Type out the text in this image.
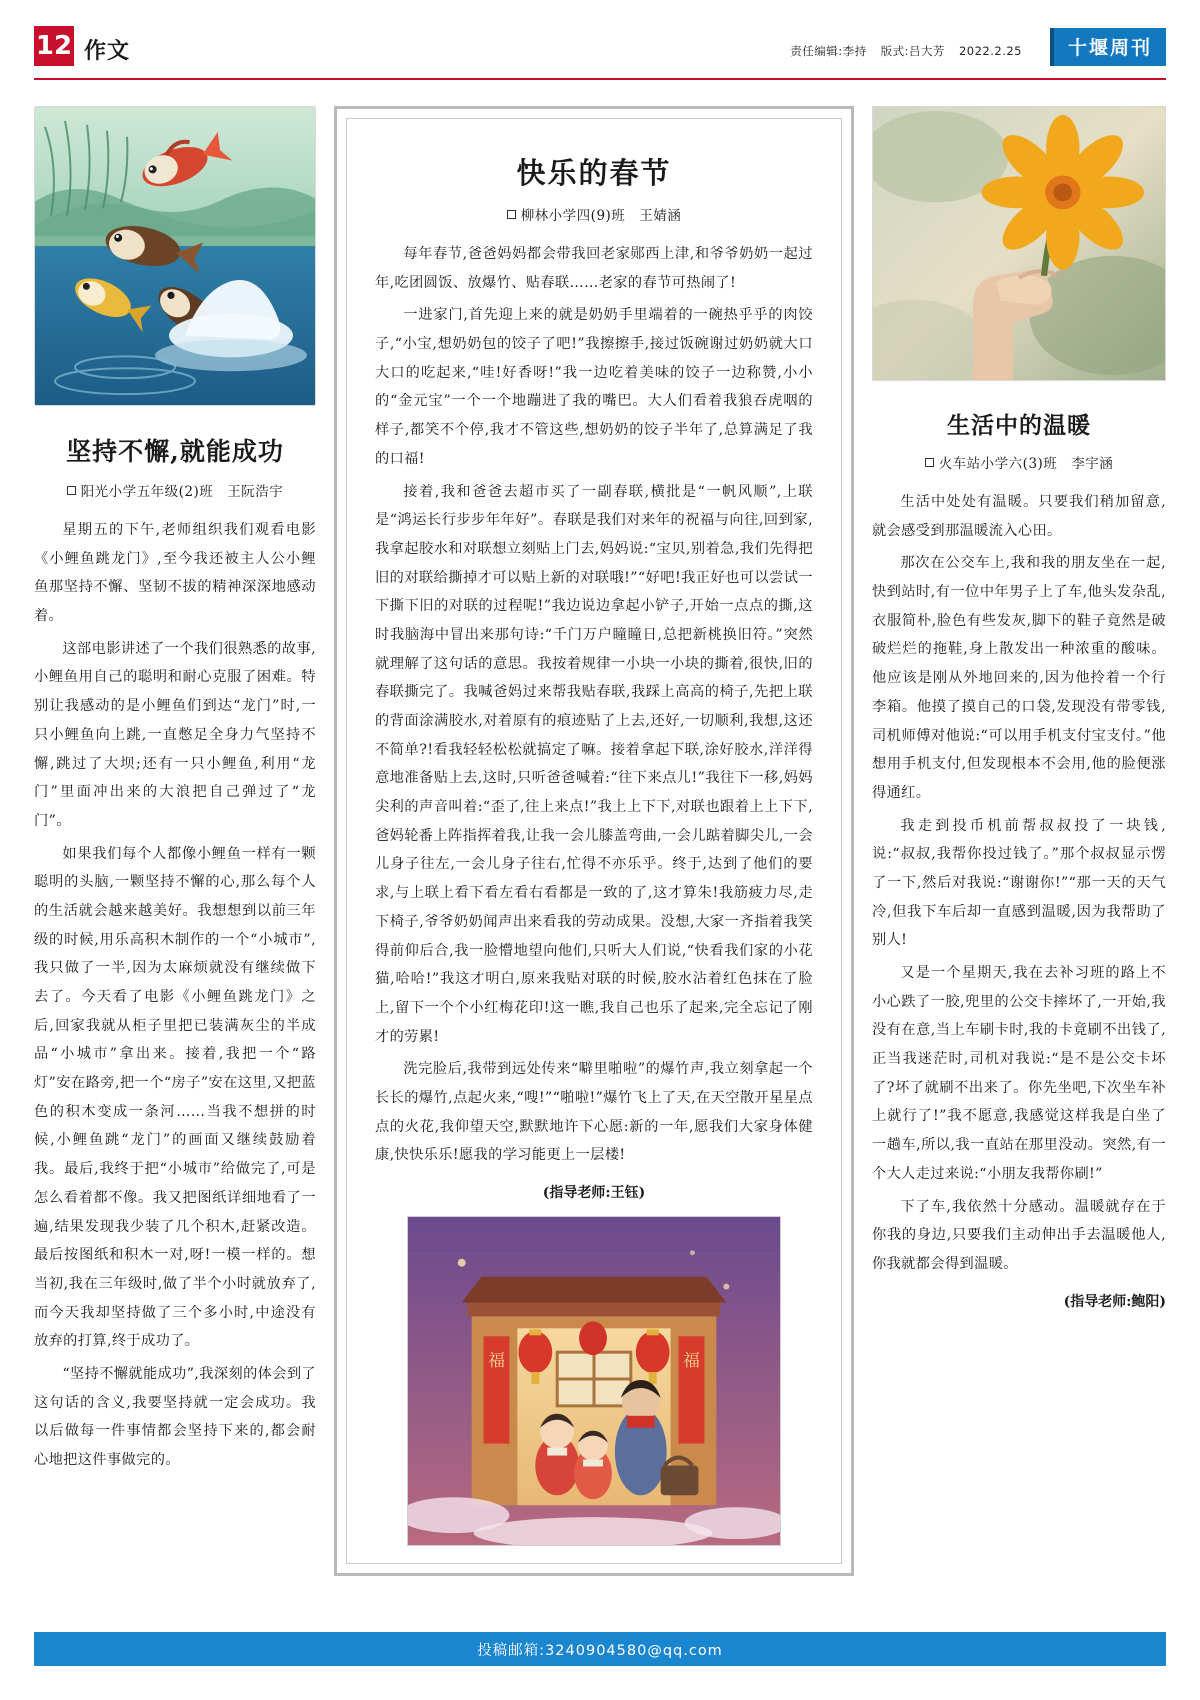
12 作文	责任编辑:李持 版式:吕大芳 2022.2.25	十堰周刊
坚持不懈,就能成功
阳光小学五年级(2)班　王阮浩宇

星期五的下午,老师组织我们观看电影《小鲤鱼跳龙门》,至今我还被主人公小鲤鱼那坚持不懈、坚韧不拔的精神深深地感动着。

这部电影讲述了一个我们很熟悉的故事,小鲤鱼用自己的聪明和耐心克服了困难。特别让我感动的是小鲤鱼们到达“龙门”时,一只小鲤鱼向上跳,一直憋足全身力气坚持不懈,跳过了大坝;还有一只小鲤鱼,利用“龙门”里面冲出来的大浪把自己弹过了“龙门”。

如果我们每个人都像小鲤鱼一样有一颗聪明的头脑,一颗坚持不懈的心,那么每个人的生活就会越来越美好。我想想到以前三年级的时候,用乐高积木制作的一个“小城市”,我只做了一半,因为太麻烦就没有继续做下去了。今天看了电影《小鲤鱼跳龙门》之后,回家我就从柜子里把已装满灰尘的半成品“小城市”拿出来。接着,我把一个“路灯”安在路旁,把一个“房子”安在这里,又把蓝色的积木变成一条河……当我不想拼的时候,小鲤鱼跳“龙门”的画面又继续鼓励着我。最后,我终于把“小城市”给做完了,可是怎么看着都不像。我又把图纸详细地看了一遍,结果发现我少装了几个积木,赶紧改造。最后按图纸和积木一对,呀!一模一样的。想当初,我在三年级时,做了半个小时就放弃了,而今天我却坚持做了三个多小时,中途没有放弃的打算,终于成功了。

“坚持不懈就能成功”,我深刻的体会到了这句话的含义,我要坚持就一定会成功。我以后做每一件事情都会坚持下来的,都会耐心地把这件事做完的。

快乐的春节
柳林小学四(9)班　王婧涵

每年春节,爸爸妈妈都会带我回老家郧西上津,和爷爷奶奶一起过年,吃团圆饭、放爆竹、贴春联……老家的春节可热闹了!

一进家门,首先迎上来的就是奶奶手里端着的一碗热乎乎的肉饺子,“小宝,想奶奶包的饺子了吧!”我擦擦手,接过饭碗谢过奶奶就大口大口的吃起来,“哇!好香呀!”我一边吃着美味的饺子一边称赞,小小的“金元宝”一个一个地蹦进了我的嘴巴。大人们看着我狼吞虎咽的样子,都笑不个停,我才不管这些,想奶奶的饺子半年了,总算满足了我的口福!

接着,我和爸爸去超市买了一副春联,横批是“一帆风顺”,上联是“鸿运长行步步年年好”。春联是我们对来年的祝福与向往,回到家,我拿起胶水和对联想立刻贴上门去,妈妈说:“宝贝,别着急,我们先得把旧的对联给撕掉才可以贴上新的对联哦!”“好吧!我正好也可以尝试一下撕下旧的对联的过程呢!”我边说边拿起小铲子,开始一点点的撕,这时我脑海中冒出来那句诗:“千门万户瞳瞳日,总把新桃换旧符。”突然就理解了这句话的意思。我按着规律一小块一小块的撕着,很快,旧的春联撕完了。我喊爸妈过来帮我贴春联,我踩上高高的椅子,先把上联的背面涂满胶水,对着原有的痕迹贴了上去,还好,一切顺利,我想,这还不简单?!看我轻轻松松就搞定了嘛。接着拿起下联,涂好胶水,洋洋得意地准备贴上去,这时,只听爸爸喊着:“往下来点儿!”我往下一移,妈妈尖利的声音叫着:“歪了,往上来点!”我上上下下,对联也跟着上上下下,爸妈轮番上阵指挥着我,让我一会儿膝盖弯曲,一会儿踮着脚尖儿,一会儿身子往左,一会儿身子往右,忙得不亦乐乎。终于,达到了他们的要求,与上联上看下看左看右看都是一致的了,这才算朱!我筋疲力尽,走下椅子,爷爷奶奶闻声出来看我的劳动成果。没想,大家一齐指着我笑得前仰后合,我一脸懵地望向他们,只听大人们说,“快看我们家的小花猫,哈哈!”我这才明白,原来我贴对联的时候,胶水沾着红色抹在了脸上,留下一个个小红梅花印!这一瞧,我自己也乐了起来,完全忘记了刚才的劳累!

洗完脸后,我带到远处传来“噼里啪啦”的爆竹声,我立刻拿起一个长长的爆竹,点起火来,“嗖!”“啪啦!”爆竹飞上了天,在天空散开星星点点的火花,我仰望天空,默默地许下心愿:新的一年,愿我们大家身体健康,快快乐乐!愿我的学习能更上一层楼!

(指导老师:王钰)
福	福
生活中的温暖
火车站小学六(3)班　李宇涵

生活中处处有温暖。只要我们稍加留意,就会感受到那温暖流入心田。

那次在公交车上,我和我的朋友坐在一起,快到站时,有一位中年男子上了车,他头发杂乱,衣服简朴,脸色有些发灰,脚下的鞋子竟然是破破烂烂的拖鞋,身上散发出一种浓重的酸味。他应该是刚从外地回来的,因为他拎着一个行李箱。他摸了摸自己的口袋,发现没有带零钱,司机师傅对他说:“可以用手机支付宝支付。”他想用手机支付,但发现根本不会用,他的脸便涨得通红。

我走到投币机前帮叔叔投了一块钱,说:“叔叔,我帮你投过钱了。”那个叔叔显示愣了一下,然后对我说:“谢谢你!”“那一天的天气冷,但我下车后却一直感到温暖,因为我帮助了别人!

又是一个星期天,我在去补习班的路上不小心跌了一胶,兜里的公交卡摔坏了,一开始,我没有在意,当上车刷卡时,我的卡竟刷不出钱了,正当我迷茫时,司机对我说:“是不是公交卡坏了?坏了就刷不出来了。你先坐吧,下次坐车补上就行了!”我不愿意,我感觉这样我是白坐了一趟车,所以,我一直站在那里没动。突然,有一个大人走过来说:“小朋友我帮你刷!”

下了车,我依然十分感动。温暖就存在于你我的身边,只要我们主动伸出手去温暖他人,你我就都会得到温暖。

(指导老师:鲍阳)
投稿邮箱:3240904580@qq.com
